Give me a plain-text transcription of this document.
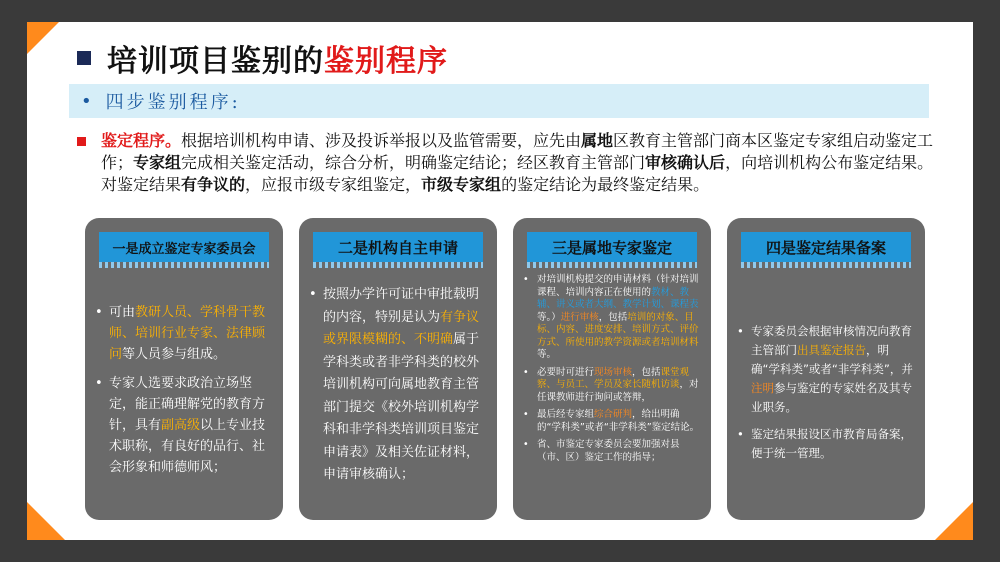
培训项目鉴别的鉴别程序
• 四步鉴别程序:
鉴定程序。根据培训机构申请、涉及投诉举报以及监管需要，应先由属地区教育主管部门商本区鉴定专家组启动鉴定工作；专家组完成相关鉴定活动，综合分析，明确鉴定结论；经区教育主管部门审核确认后，向培训机构公布鉴定结果。对鉴定结果有争议的，应报市级专家组鉴定，市级专家组的鉴定结论为最终鉴定结果。
一是成立鉴定专家委员会
• 可由教研人员、学科骨干教师、培训行业专家、法律顾问等人员参与组成。
• 专家人选要求政治立场坚定，能正确理解党的教育方针，具有副高级以上专业技术职称，有良好的品行、社会形象和师德师风；
二是机构自主申请
• 按照办学许可证中审批载明的内容，特别是认为有争议或界限模糊的、不明确属于学科类或者非学科类的校外培训机构可向属地教育主管部门提交《校外培训机构学科和非学科类培训项目鉴定申请表》及相关佐证材料，申请审核确认；
三是属地专家鉴定
• 对培训机构提交的申请材料（针对培训课程、培训内容正在使用的教材、教辅、讲义或者大纲、教学计划、课程表等。）进行审核，包括培训的对象、目标、内容、进度安排、培训方式、评价方式、所使用的教学资源或者培训材料等。
• 必要时可进行现场审核，包括课堂观察、与员工、学员及家长随机访谈，对任课教师进行询问或答辩，
• 最后经专家组综合研判，给出明确的“学科类”或者“非学科类”鉴定结论。
• 省、市鉴定专家委员会要加强对县（市、区）鉴定工作的指导；
四是鉴定结果备案
• 专家委员会根据审核情况向教育主管部门出具鉴定报告，明确“学科类”或者“非学科类”，并注明参与鉴定的专家姓名及其专业职务。
• 鉴定结果报设区市教育局备案，便于统一管理。
